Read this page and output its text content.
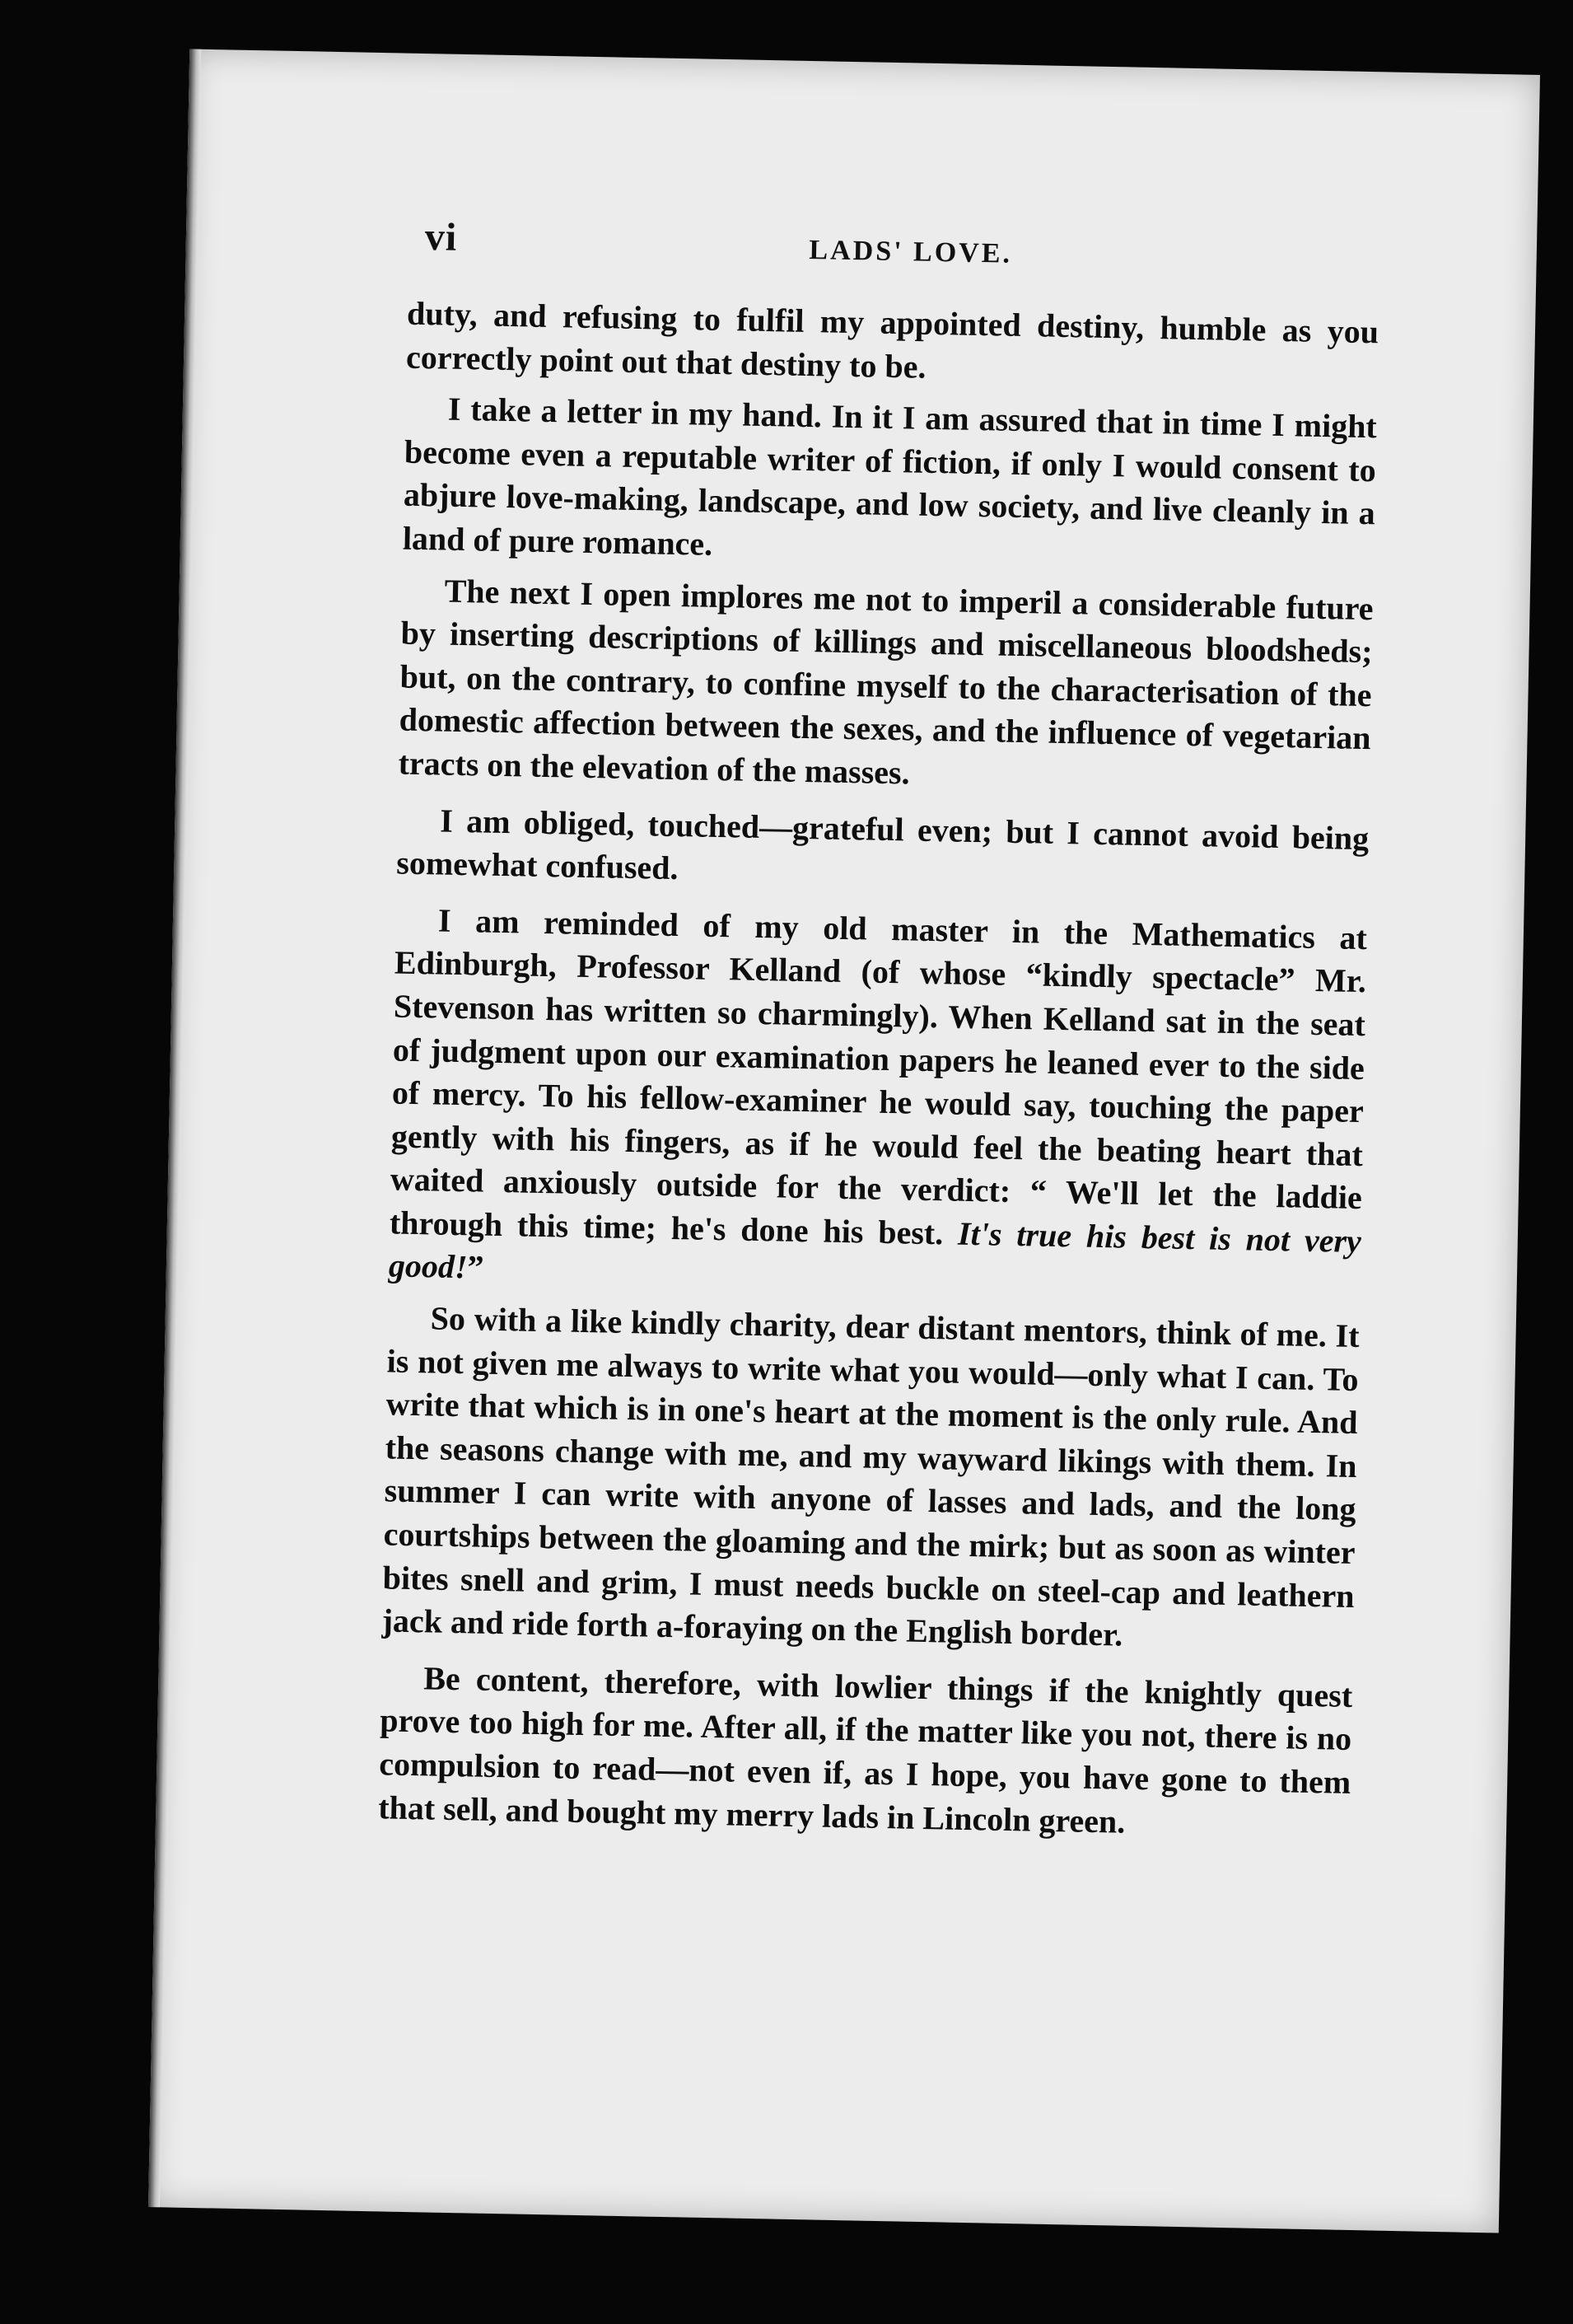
vi	LADS' LOVE.

duty, and refusing to fulfil my appointed destiny, humble as you correctly point out that destiny to be.

I take a letter in my hand. In it I am assured that in time I might become even a reputable writer of fiction, if only I would consent to abjure love-making, landscape, and low society, and live cleanly in a land of pure romance.

The next I open implores me not to imperil a considerable future by inserting descriptions of killings and miscellaneous bloodsheds; but, on the contrary, to confine myself to the characterisation of the domestic affection between the sexes, and the influence of vegetarian tracts on the elevation of the masses.

I am obliged, touched—grateful even; but I cannot avoid being somewhat confused.

I am reminded of my old master in the Mathematics at Edinburgh, Professor Kelland (of whose “kindly spectacle” Mr. Stevenson has written so charmingly). When Kelland sat in the seat of judgment upon our examination papers he leaned ever to the side of mercy. To his fellow-examiner he would say, touching the paper gently with his fingers, as if he would feel the beating heart that waited anxiously outside for the verdict: “ We'll let the laddie through this time; he's done his best. It's true his best is not very good!”

So with a like kindly charity, dear distant mentors, think of me. It is not given me always to write what you would—only what I can. To write that which is in one's heart at the moment is the only rule. And the seasons change with me, and my wayward likings with them. In summer I can write with anyone of lasses and lads, and the long courtships between the gloaming and the mirk; but as soon as winter bites snell and grim, I must needs buckle on steel-cap and leathern jack and ride forth a-foraying on the English border.

Be content, therefore, with lowlier things if the knightly quest prove too high for me. After all, if the matter like you not, there is no compulsion to read—not even if, as I hope, you have gone to them that sell, and bought my merry lads in Lincoln green.
